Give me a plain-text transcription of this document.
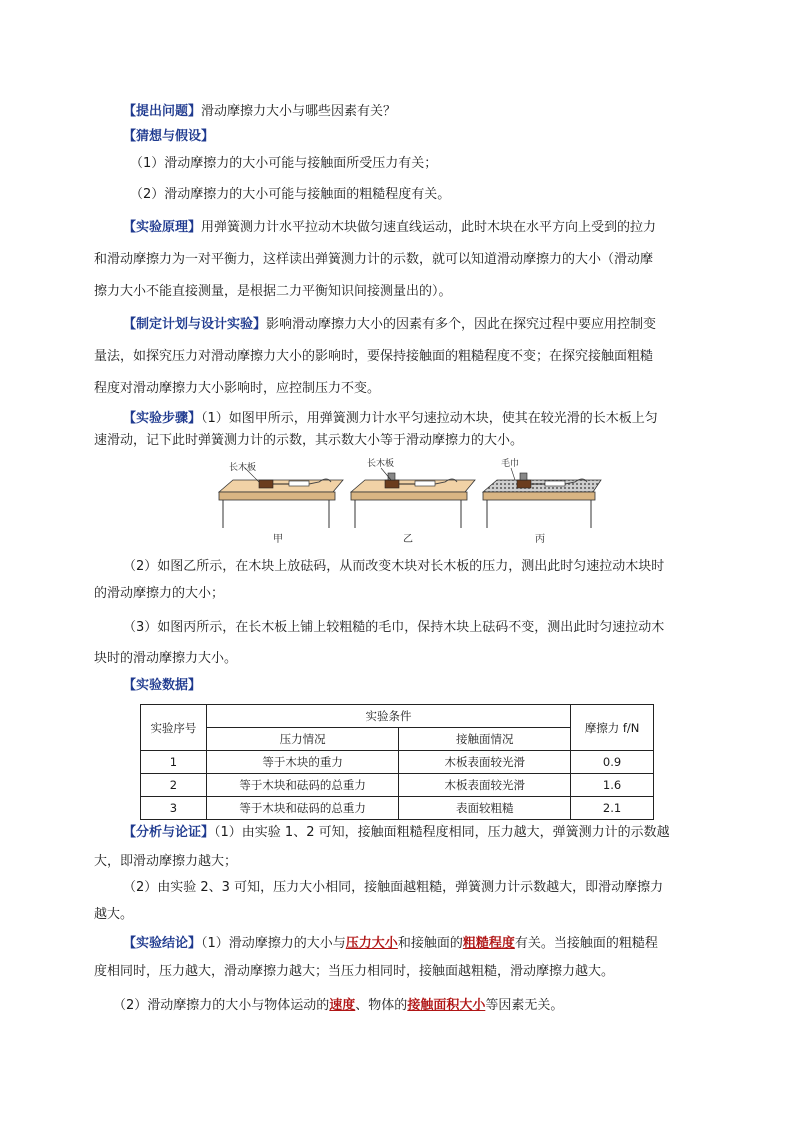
【提出问题】滑动摩擦力大小与哪些因素有关？
【猜想与假设】
（1）滑动摩擦力的大小可能与接触面所受压力有关；
（2）滑动摩擦力的大小可能与接触面的粗糙程度有关。
【实验原理】用弹簧测力计水平拉动木块做匀速直线运动，此时木块在水平方向上受到的拉力
和滑动摩擦力为一对平衡力，这样读出弹簧测力计的示数，就可以知道滑动摩擦力的大小（滑动摩
擦力大小不能直接测量，是根据二力平衡知识间接测量出的）。
【制定计划与设计实验】影响滑动摩擦力大小的因素有多个，因此在探究过程中要应用控制变
量法，如探究压力对滑动摩擦力大小的影响时，要保持接触面的粗糙程度不变；在探究接触面粗糙
程度对滑动摩擦力大小影响时，应控制压力不变。
【实验步骤】（1）如图甲所示，用弹簧测力计水平匀速拉动木块，使其在较光滑的长木板上匀
速滑动，记下此时弹簧测力计的示数，其示数大小等于滑动摩擦力的大小。
长木板
甲
长木板
乙
毛巾
丙
（2）如图乙所示，在木块上放砝码，从而改变木块对长木板的压力，测出此时匀速拉动木块时
的滑动摩擦力的大小；
（3）如图丙所示，在长木板上铺上较粗糙的毛巾，保持木块上砝码不变，测出此时匀速拉动木
块时的滑动摩擦力大小。
【实验数据】
实验序号	实验条件		摩擦力 f/N
	压力情况	接触面情况	
1	等于木块的重力	木板表面较光滑	0.9
2	等于木块和砝码的总重力	木板表面较光滑	1.6
3	等于木块和砝码的总重力	表面较粗糙	2.1
【分析与论证】（1）由实验 1、2 可知，接触面粗糙程度相同，压力越大，弹簧测力计的示数越
大，即滑动摩擦力越大；
（2）由实验 2、3 可知，压力大小相同，接触面越粗糙，弹簧测力计示数越大，即滑动摩擦力
越大。
【实验结论】（1）滑动摩擦力的大小与压力大小和接触面的粗糙程度有关。当接触面的粗糙程
度相同时，压力越大，滑动摩擦力越大；当压力相同时，接触面越粗糙，滑动摩擦力越大。
（2）滑动摩擦力的大小与物体运动的速度、物体的接触面积大小等因素无关。
